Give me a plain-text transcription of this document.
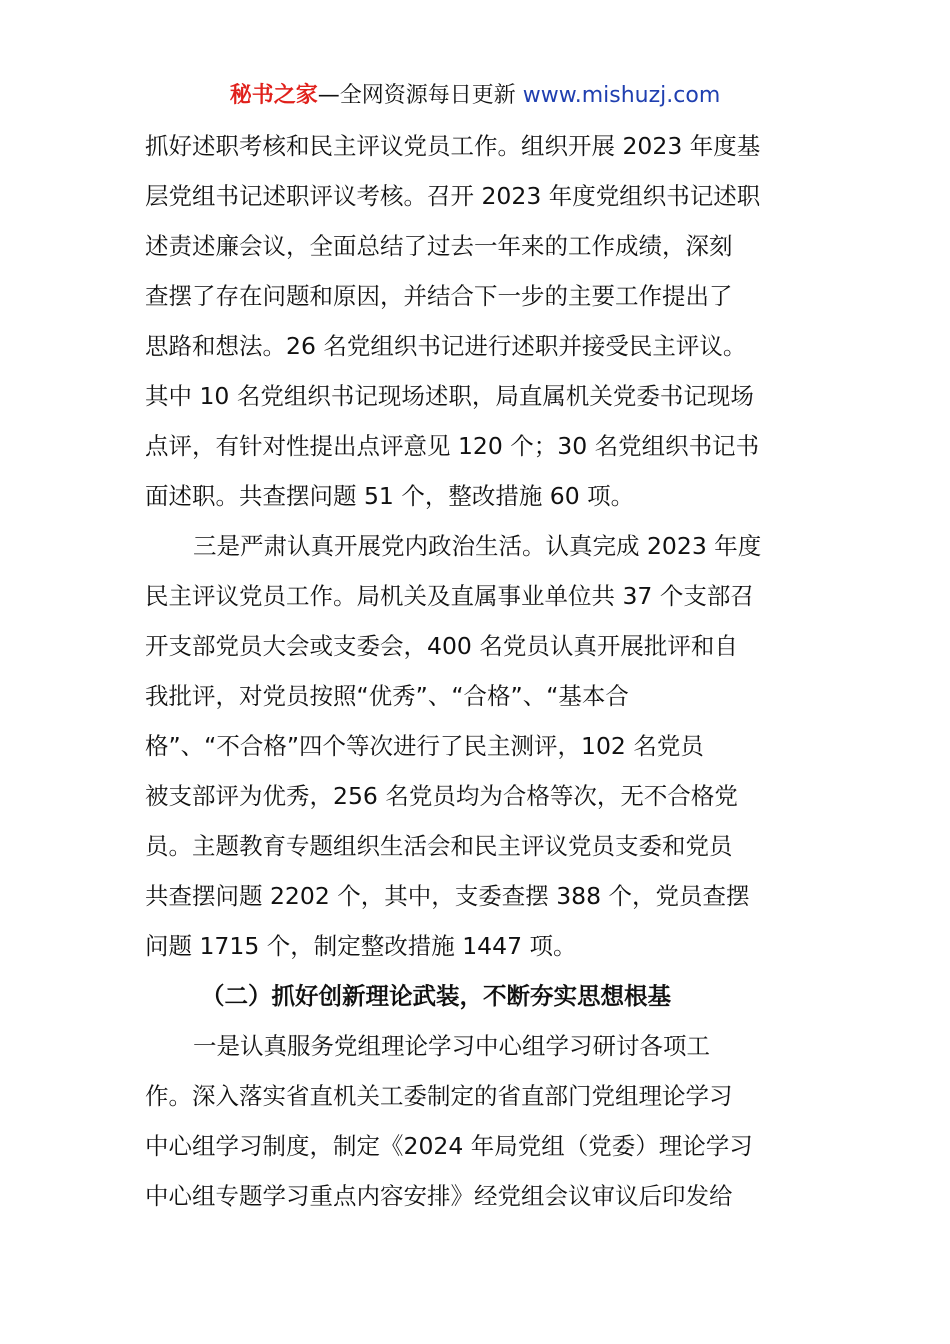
秘书之家—全网资源每日更新 www.mishuzj.com
抓好述职考核和民主评议党员工作。组织开展 2023 年度基
层党组书记述职评议考核。召开 2023 年度党组织书记述职
述责述廉会议，全面总结了过去一年来的工作成绩，深刻
查摆了存在问题和原因，并结合下一步的主要工作提出了
思路和想法。26 名党组织书记进行述职并接受民主评议。
其中 10 名党组织书记现场述职，局直属机关党委书记现场
点评，有针对性提出点评意见 120 个；30 名党组织书记书
面述职。共查摆问题 51 个，整改措施 60 项。
三是严肃认真开展党内政治生活。认真完成 2023 年度
民主评议党员工作。局机关及直属事业单位共 37 个支部召
开支部党员大会或支委会，400 名党员认真开展批评和自
我批评，对党员按照“优秀”、“合格”、“基本合
格”、“不合格”四个等次进行了民主测评，102 名党员
被支部评为优秀，256 名党员均为合格等次，无不合格党
员。主题教育专题组织生活会和民主评议党员支委和党员
共查摆问题 2202 个，其中，支委查摆 388 个，党员查摆
问题 1715 个，制定整改措施 1447 项。
（二）抓好创新理论武装，不断夯实思想根基
一是认真服务党组理论学习中心组学习研讨各项工
作。深入落实省直机关工委制定的省直部门党组理论学习
中心组学习制度，制定《2024 年局党组（党委）理论学习
中心组专题学习重点内容安排》经党组会议审议后印发给
